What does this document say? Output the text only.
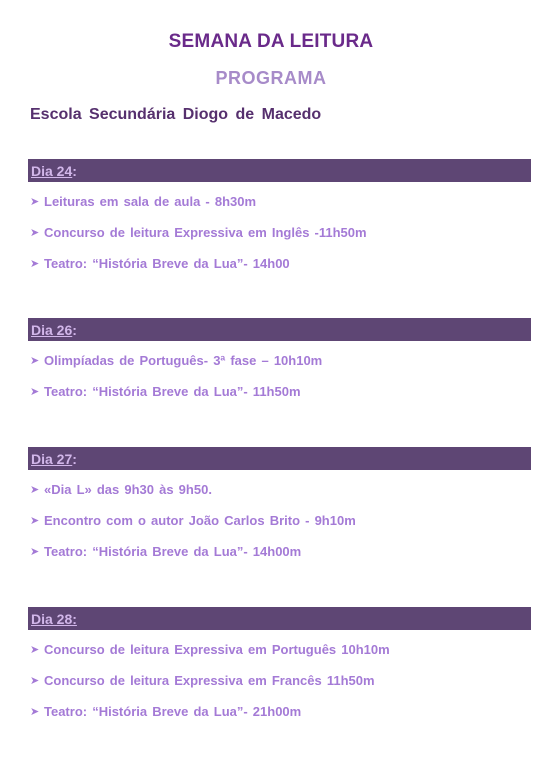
SEMANA DA LEITURA
PROGRAMA
Escola Secundária Diogo de Macedo
Dia 24 :
➤ Leituras em sala de aula - 8h30m
➤ Concurso de leitura Expressiva em Inglês -11h50m
➤ Teatro: “História Breve da Lua”- 14h00
Dia 26 :
➤ Olimpíadas de Português- 3ª fase – 10h10m
➤ Teatro: “História Breve da Lua”- 11h50m
Dia 27 :
➤ «Dia L» das 9h30 às 9h50.
➤ Encontro com o autor João Carlos Brito - 9h10m
➤ Teatro: “História Breve da Lua”- 14h00m
Dia 28:
➤ Concurso de leitura Expressiva em Português 10h10m
➤ Concurso de leitura Expressiva em Francês 11h50m
➤ Teatro: “História Breve da Lua”- 21h00m
